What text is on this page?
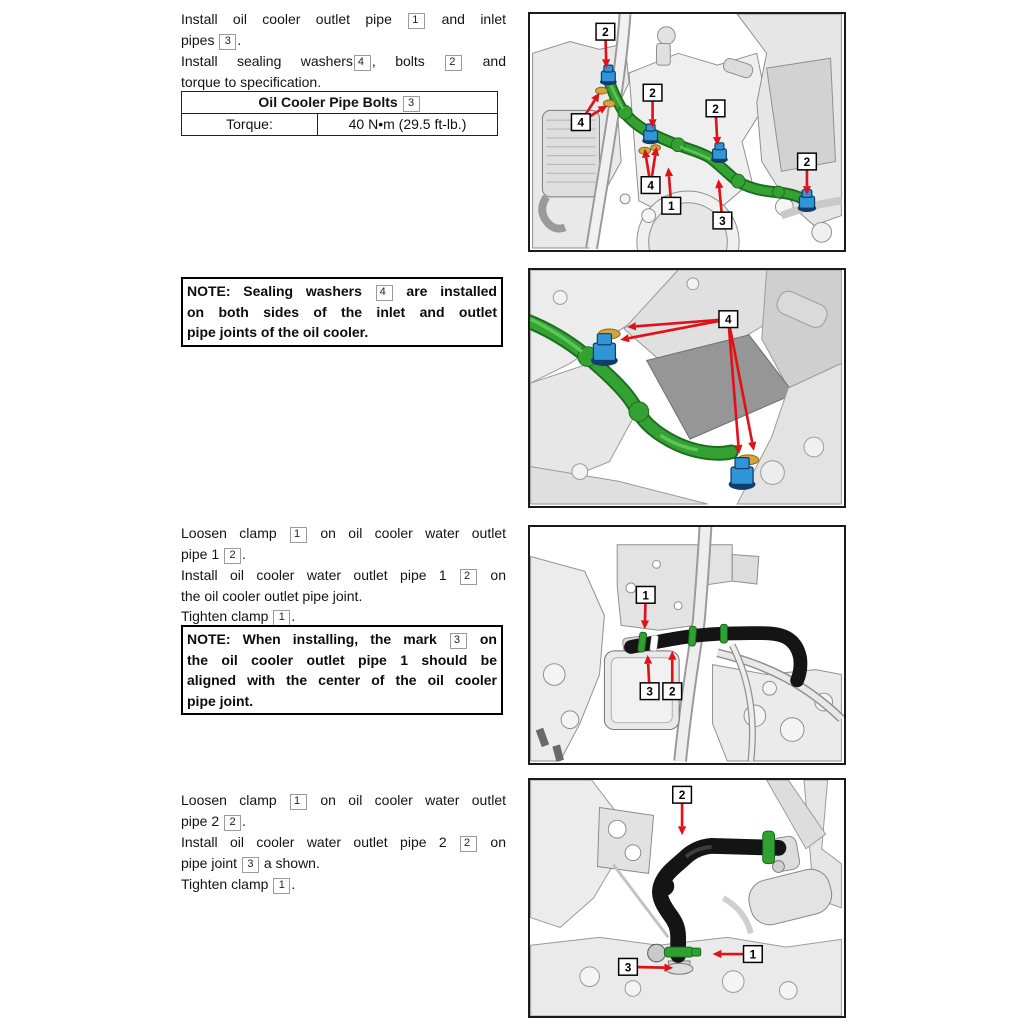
Install oil cooler outlet pipe 1 and inlet
pipes 3 .
Install sealing washers 4 , bolts 2 and
torque to specification.
Oil Cooler Pipe Bolts 3
Torque:	40 N•m (29.5 ft-lb.)
NOTE: Sealing washers 4 are installed
on both sides of the inlet and outlet
pipe joints of the oil cooler.
Loosen clamp 1 on oil cooler water outlet
pipe 1 2 .
Install oil cooler water outlet pipe 1 2 on
the oil cooler outlet pipe joint.
Tighten clamp 1 .
NOTE: When installing, the mark 3 on
the oil cooler outlet pipe 1 should be
aligned with the center of the oil cooler
pipe joint.
Loosen clamp 1 on oil cooler water outlet
pipe 2 2 .
Install oil cooler water outlet pipe 2 2 on
pipe joint 3 a shown.
Tighten clamp 1 .
2
4
2
2
4
1
3
2
4
1
3 2
2
1
3
